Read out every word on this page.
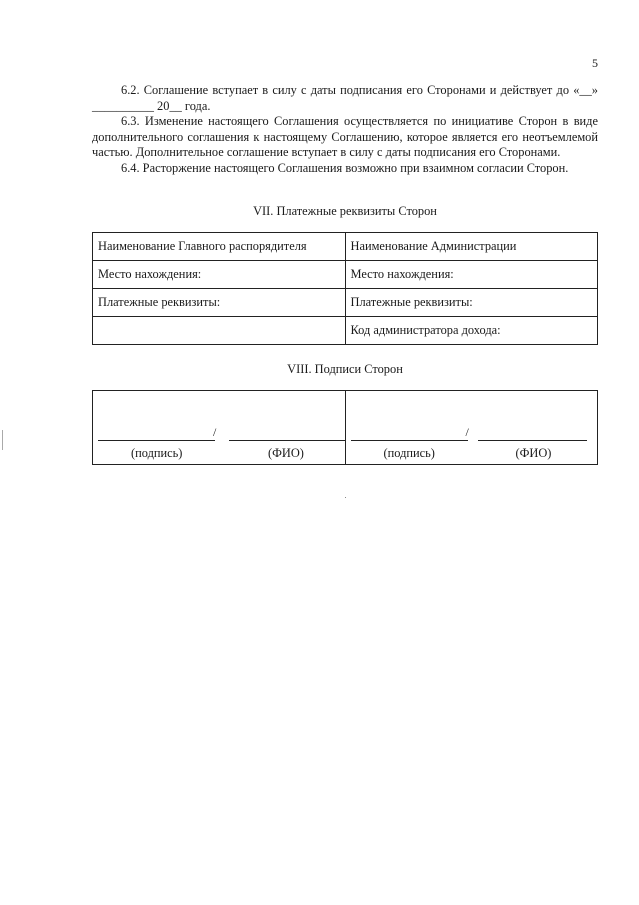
5

6.2. Соглашение вступает в силу с даты подписания его Сторонами и действует до «__» __________ 20__ года.

6.3. Изменение настоящего Соглашения осуществляется по инициативе Сторон в виде дополнительного соглашения к настоящему Соглашению, которое является его неотъемлемой частью. Дополнительное соглашение вступает в силу с даты подписания его Сторонами.

6.4. Расторжение настоящего Соглашения возможно при взаимном согласии Сторон.

VII. Платежные реквизиты Сторон
Наименование Главного распорядителя	Наименование Администрации
Место нахождения:	Место нахождения:
Платежные реквизиты:	Платежные реквизиты:
	Код администратора дохода:
VIII. Подписи Сторон
/
(подпись)	(ФИО)

/
(подпись)	(ФИО)
